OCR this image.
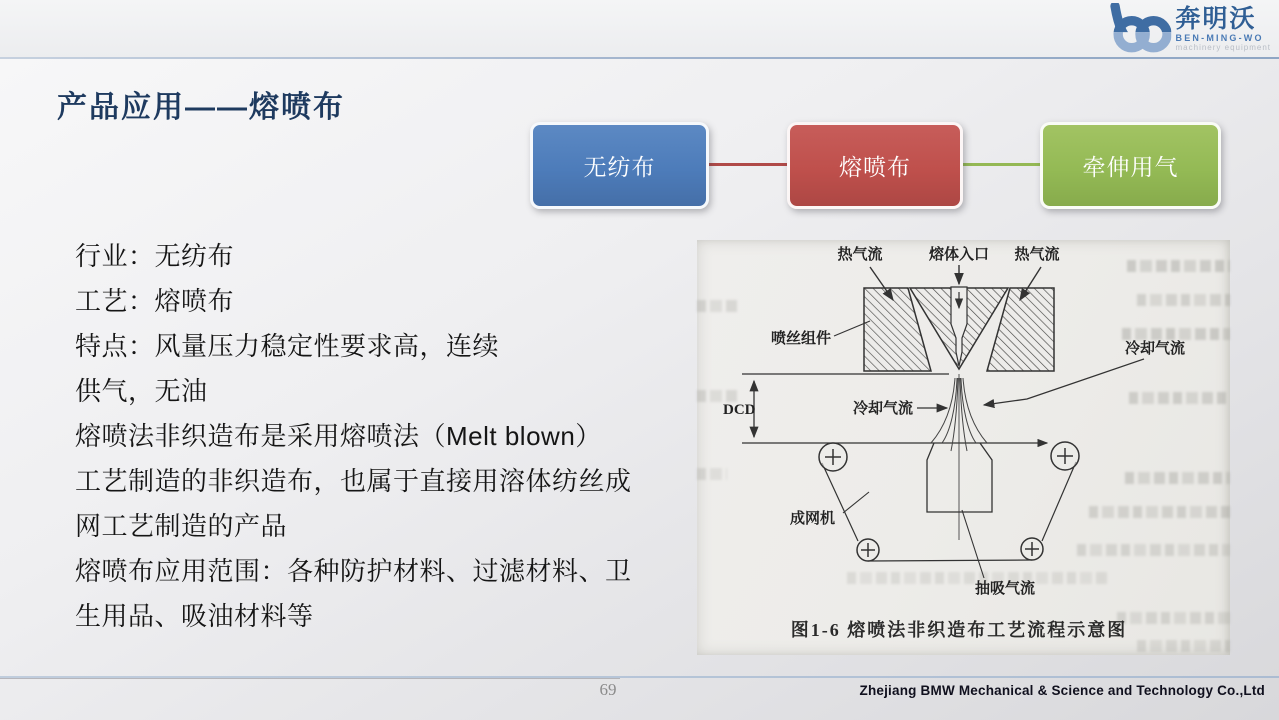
奔明沃
BEN-MING-WO
machinery equipment
产品应用——熔喷布
无纺布	熔喷布	牵伸用气
行业：无纺布
工艺：熔喷布
特点：风量压力稳定性要求高，连续
供气，无油
熔喷法非织造布是采用熔喷法（Melt blown）
工艺制造的非织造布，也属于直接用溶体纺丝成
网工艺制造的产品
熔喷布应用范围：各种防护材料、过滤材料、卫
生用品、吸油材料等
热气流	熔体入口 热气流
喷丝组件
DCD	冷却气流
冷却气流
成网机
抽吸气流
图1-6 熔喷法非织造布工艺流程示意图
69	Zhejiang BMW Mechanical & Science and Technology Co.,Ltd
